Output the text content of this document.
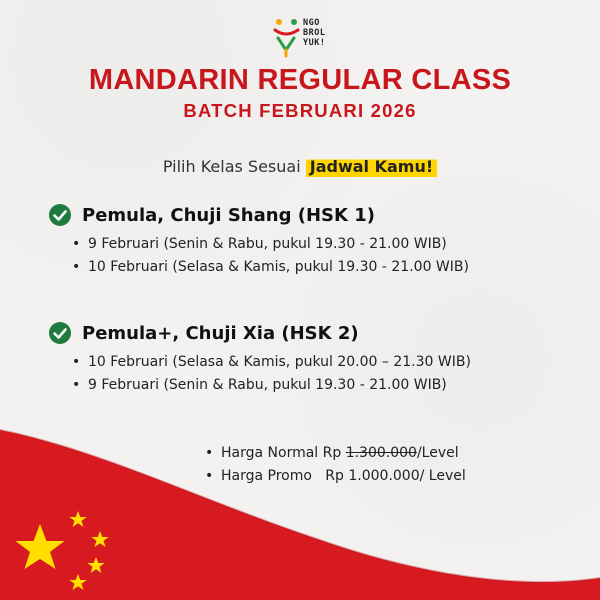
NGO
BROL
YUK!
MANDARIN REGULAR CLASS
BATCH FEBRUARI 2026
Pilih Kelas Sesuai Jadwal Kamu!
Pemula, Chuji Shang (HSK 1)
• 9 Februari (Senin & Rabu, pukul 19.30 - 21.00 WIB)
• 10 Februari (Selasa & Kamis, pukul 19.30 - 21.00 WIB)
Pemula+, Chuji Xia (HSK 2)
• 10 Februari (Selasa & Kamis, pukul 20.00 – 21.30 WIB)
• 9 Februari (Senin & Rabu, pukul 19.30 - 21.00 WIB)
• Harga Normal Rp 1.300.000/Level
• Harga Promo   Rp 1.000.000/ Level
